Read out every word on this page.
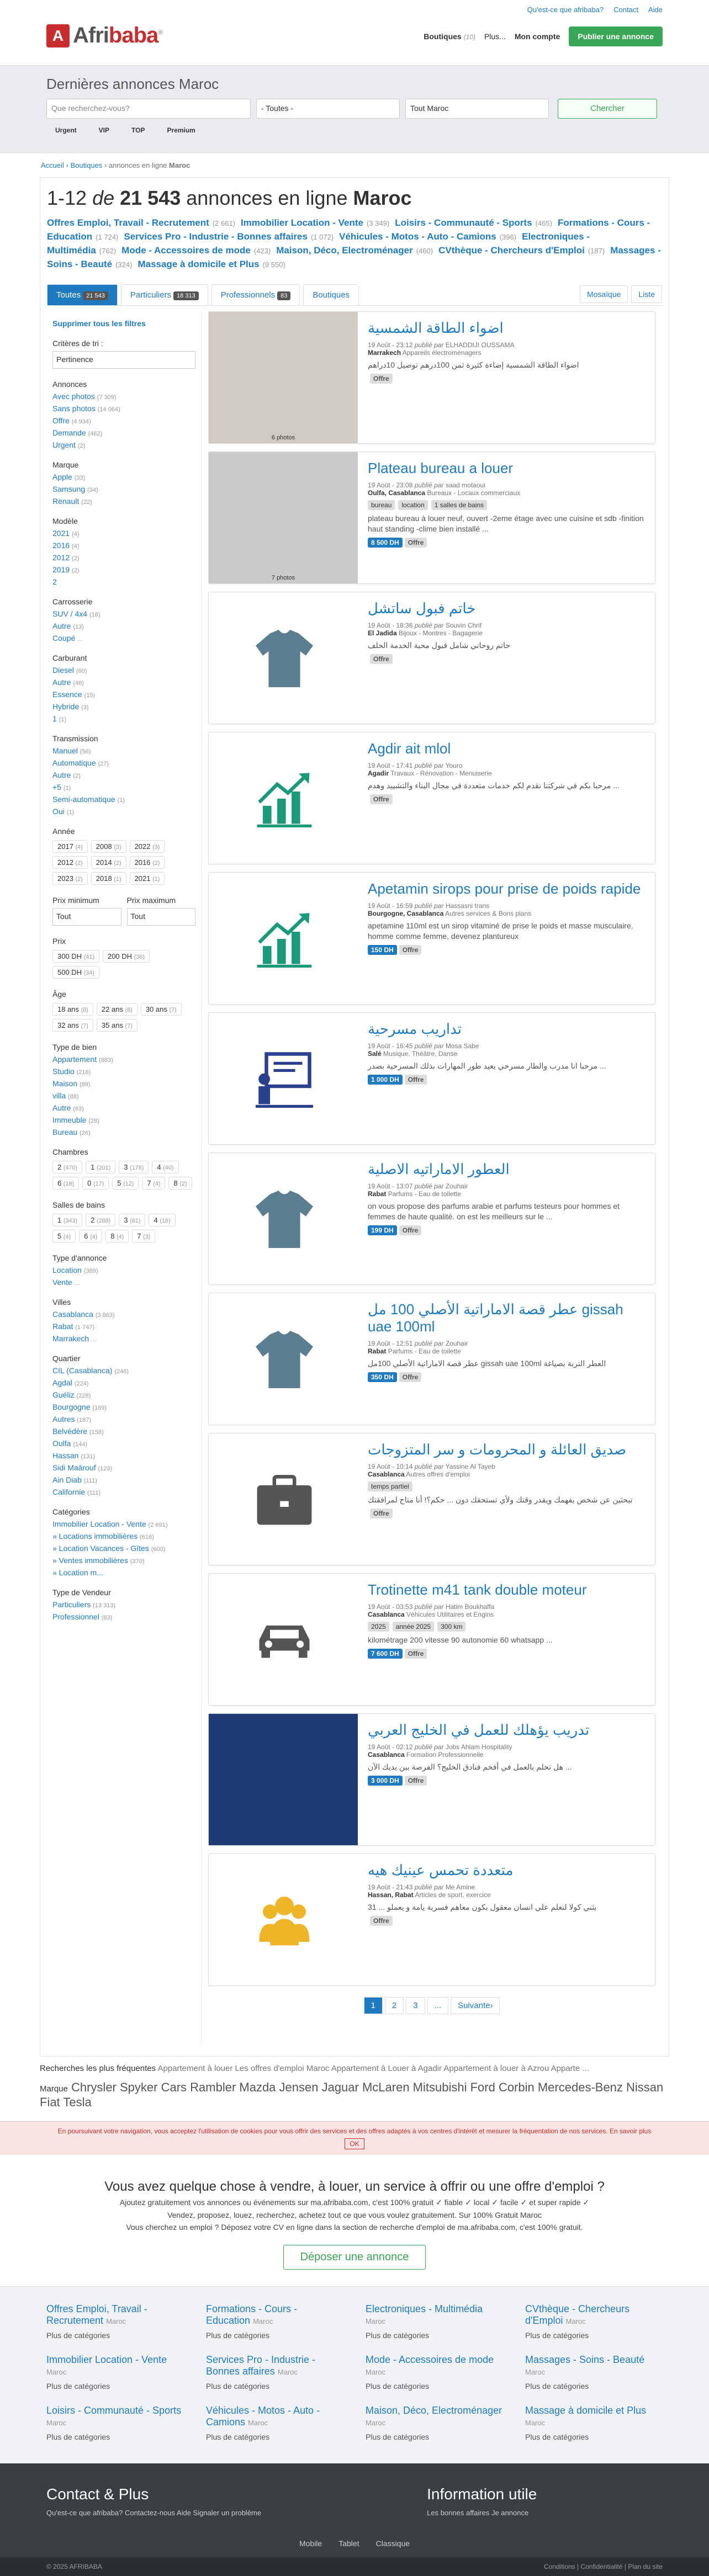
A Afribaba®
Qu'est-ce que afribaba? Contact Aide
Boutiques (10) Plus... Mon compte	Publier une annonce
Dernières annonces Maroc
Que recherchez-vous?	- Toutes -	Tout Maroc	Chercher
Urgent	VIP	TOP	Premium
Accueil › Boutiques › annonces en ligne Maroc
1-12 de 21 543 annonces en ligne Maroc
Offres Emploi, Travail - Recrutement (2 661) Immobilier Location - Vente (3 349) Loisirs - Communauté - Sports (465) Formations - Cours - Education (1 724) Services Pro - Industrie - Bonnes affaires (1 072) Véhicules - Motos - Auto - Camions (396) Electroniques - Multimédia (762) Mode - Accessoires de mode (423) Maison, Déco, Electroménager (460) CVthèque - Chercheurs d'Emploi (187) Massages - Soins - Beauté (324) Massage à domicile et Plus (9 550)
Toutes 21 543	Particuliers 18 313	Professionnels 83	Boutiques	Mosaïque	Liste
Supprimer tous les filtres
Critères de tri :
Pertinence
Annonces
Avec photos (7 309)
Sans photos (14 064)
Offre (4 934)
Demande (462)
Urgent (2)
Marque
Apple (33)
Samsung (34)
Renault (22)
Modèle
2021 (4)
2016 (4)
2012 (2)
2019 (2)
2
Carrosserie
SUV / 4x4 (16)
Autre (13)
Coupé ...
Carburant
Diesel (60)
Autre (46)
Essence (15)
Hybride (3)
1 (1)
Transmission
Manuel (56)
Automatique (27)
Autre (2)
+5 (1)
Semi-automatique (1)
Oui (1)
Année
2017 (4)	2008 (3)	2022 (3)
2012 (2)	2014 (2)	2016 (2)
2023 (2)	2018 (1)	2021 (1)
Prix minimum
Tout
Prix maximum
Tout
Prix
300 DH (41)	200 DH (36)
500 DH (34)
Âge
18 ans (8)	22 ans (8)	30 ans (7)
32 ans (7)	35 ans (7)
Type de bien
Appartement (883)
Studio (216)
Maison (89)
villa (88)
Autre (63)
Immeuble (28)
Bureau (26)
Chambres
2 (470)	1 (201)	3 (178)	4 (40)
6 (18)	0 (17)	5 (12)	7 (4)	8 (2)
Salles de bains
1 (343)	2 (288)	3 (61)	4 (16)
5 (4)	6 (4)	8 (4)	7 (3)
Type d'annonce
Location (389)
Vente ...
Villes
Casablanca (3 863)
Rabat (1 747)
Marrakech ...
Quartier
CIL (Casablanca) (248)
Agdal (224)
Guéliz (228)
Bourgogne (189)
Autres (187)
Belvédère (158)
Oulfa (144)
Hassan (131)
Sidi Maârouf (123)
Ain Diab (111)
Californie (111)
Catégories
Immobilier Location - Vente (2 691)
» Locations immobilières (616)
» Location Vacances - Gîtes (600)
» Ventes immobilières (370)
» Location m...
Type de Vendeur
Particuliers (13 313)
Professionnel (83)
6 photos
اضواء الطاقة الشمسية
19 Août - 23:12 publié par ELHADDIJI OUSSAMA
Marrakech Appareils électroménagers
اضواء الطاقة الشمسية إضاءة كثيرة ثمن 100درهم توصيل 10دراهم
Offre
7 photos
Plateau bureau a louer
19 Août - 23:08 publié par saad motaoui
Oulfa, Casablanca Bureaux - Locaux commerciaux
bureau	location	1 salles de bains
plateau bureau à louer neuf, ouvert -2eme étage avec une cuisine et sdb -finition haut standing -clime bien installé ...
8 500 DH Offre
خاتم فبول ساتشل
19 Août - 18:36 publié par Souvin Chrif
El Jadida Bijoux - Montres - Bagagerie
خاتم روحاني شامل قبول محبة الخدمة الحلف
Offre
Agdir ait mlol
19 Août - 17:41 publié par Youro
Agadir Travaux - Rénovation - Menuiserie
مرحبا بكم في شركتنا نقدم لكم خدمات متعددة في مجال البناء والتشييد وهدم ...
Offre
Apetamin sirops pour prise de poids rapide
19 Août - 16:59 publié par Hassasni trans
Bourgogne, Casablanca Autres services & Bons plans
apetamine 110ml est un sirop vitaminé de prise le poids et masse musculaire. homme comme femme, devenez plantureux
150 DH Offre
تداريب مسرحية
19 Août - 16:45 publié par Mosa Sabe
Salé Musique, Théâtre, Danse
مرحبا انا مدرب والطار مسرحي يعيد طور المهارات بذلك المسرحية بصدر ...
1 000 DH Offre
العطور الاماراتيه الاصلية
19 Août - 13:07 publié par Zouhair
Rabat Parfums - Eau de toilette
on vous propose des parfums arabie et parfums testeurs pour hommes et femmes de haute qualité. on est les meilleurs sur le ...
199 DH Offre
عطر قصة الاماراتية الأصلي 100 مل gissah uae 100ml
19 Août - 12:51 publié par Zouhair
Rabat Parfums - Eau de toilette
عطر قصة الاماراتية الأصلي 100مل gissah uae 100ml العطر التربة بصياغة
350 DH Offre
صديق العائلة و المحرومات و سر المتزوجات
19 Août - 10:14 publié par Yassine Al Tayeb
Casablanca Autres offres d'emploi
temps partiel
تبحثين عن شخص يفهمك ويقدر وقتك ولأي تستحقك دون ... حكم؟! أنا متاح لمرافقتك
Offre
Trotinette m41 tank double moteur
19 Août - 03:53 publié par Hatim Boukhaffa
Casablanca Véhicules Utilitaires et Engins
2025	année 2025	300 km
kilométrage 200 vitesse 90 autonomie 60 whatsapp ...
7 600 DH Offre
تدريب يؤهلك للعمل في الخليج العربي
19 Août - 02:12 publié par Jobs Ahlam Hospitality
Casablanca Formation Professionnelle
هل تحلم بالعمل في أفخم فنادق الخليج؟ الفرصة بين يديك الآن ...
3 000 DH Offre
متعددة تحمس عينيك هيه
19 Août - 21:43 publié par Me Amine
Hassan, Rabat Articles de sport, exercice
بثني كولا لتعلم علي انسان معقول بكون معاهم فسرية يامة و يعملو ... 31
Offre
1	2	3	...	Suivante›
Recherches les plus fréquentes Appartement à louer Les offres d'emploi Maroc Appartement à Louer à Agadir Appartement à louer à Azrou Apparte ...
Marque Chrysler Spyker Cars Rambler Mazda Jensen Jaguar McLaren Mitsubishi Ford Corbin Mercedes-Benz Nissan Fiat Tesla
En poursuivant votre navigation, vous acceptez l'utilisation de cookies pour vous offrir des services et des offres adaptés à vos centres d'intérêt et mesurer la fréquentation de nos services. En savoir plus
OK
Vous avez quelque chose à vendre, à louer, un service à offrir ou une offre d'emploi ?

Ajoutez gratuitement vos annonces ou événements sur ma.afribaba.com, c'est 100% gratuit ✓ fiable ✓ local ✓ facile ✓ et super rapide ✓

Vendez, proposez, louez, recherchez, achetez tout ce que vous voulez gratuitement. Sur 100% Gratuit Maroc

Vous cherchez un emploi ? Déposez votre CV en ligne dans la section de recherche d'emploi de ma.afribaba.com, c'est 100% gratuit.

Déposer une annonce
Offres Emploi, Travail - Recrutement Maroc
Plus de catégories
Formations - Cours - Education Maroc
Plus de catégories
Electroniques - Multimédia Maroc
Plus de catégories
CVthèque - Chercheurs d'Emploi Maroc
Plus de catégories
Immobilier Location - Vente Maroc
Plus de catégories
Services Pro - Industrie - Bonnes affaires Maroc
Plus de catégories
Mode - Accessoires de mode Maroc
Plus de catégories
Massages - Soins - Beauté Maroc
Plus de catégories
Loisirs - Communauté - Sports Maroc
Plus de catégories
Véhicules - Motos - Auto - Camions Maroc
Plus de catégories
Maison, Déco, Electroménager Maroc
Plus de catégories
Massage à domicile et Plus Maroc
Plus de catégories
Contact & Plus
Qu'est-ce que afribaba? Contactez-nous Aide Signaler un problème
Information utile
Les bonnes affaires Je annonce
Mobile Tablet Classique
© 2025 AFRIBABA	Conditions | Confidentialité | Plan du site
